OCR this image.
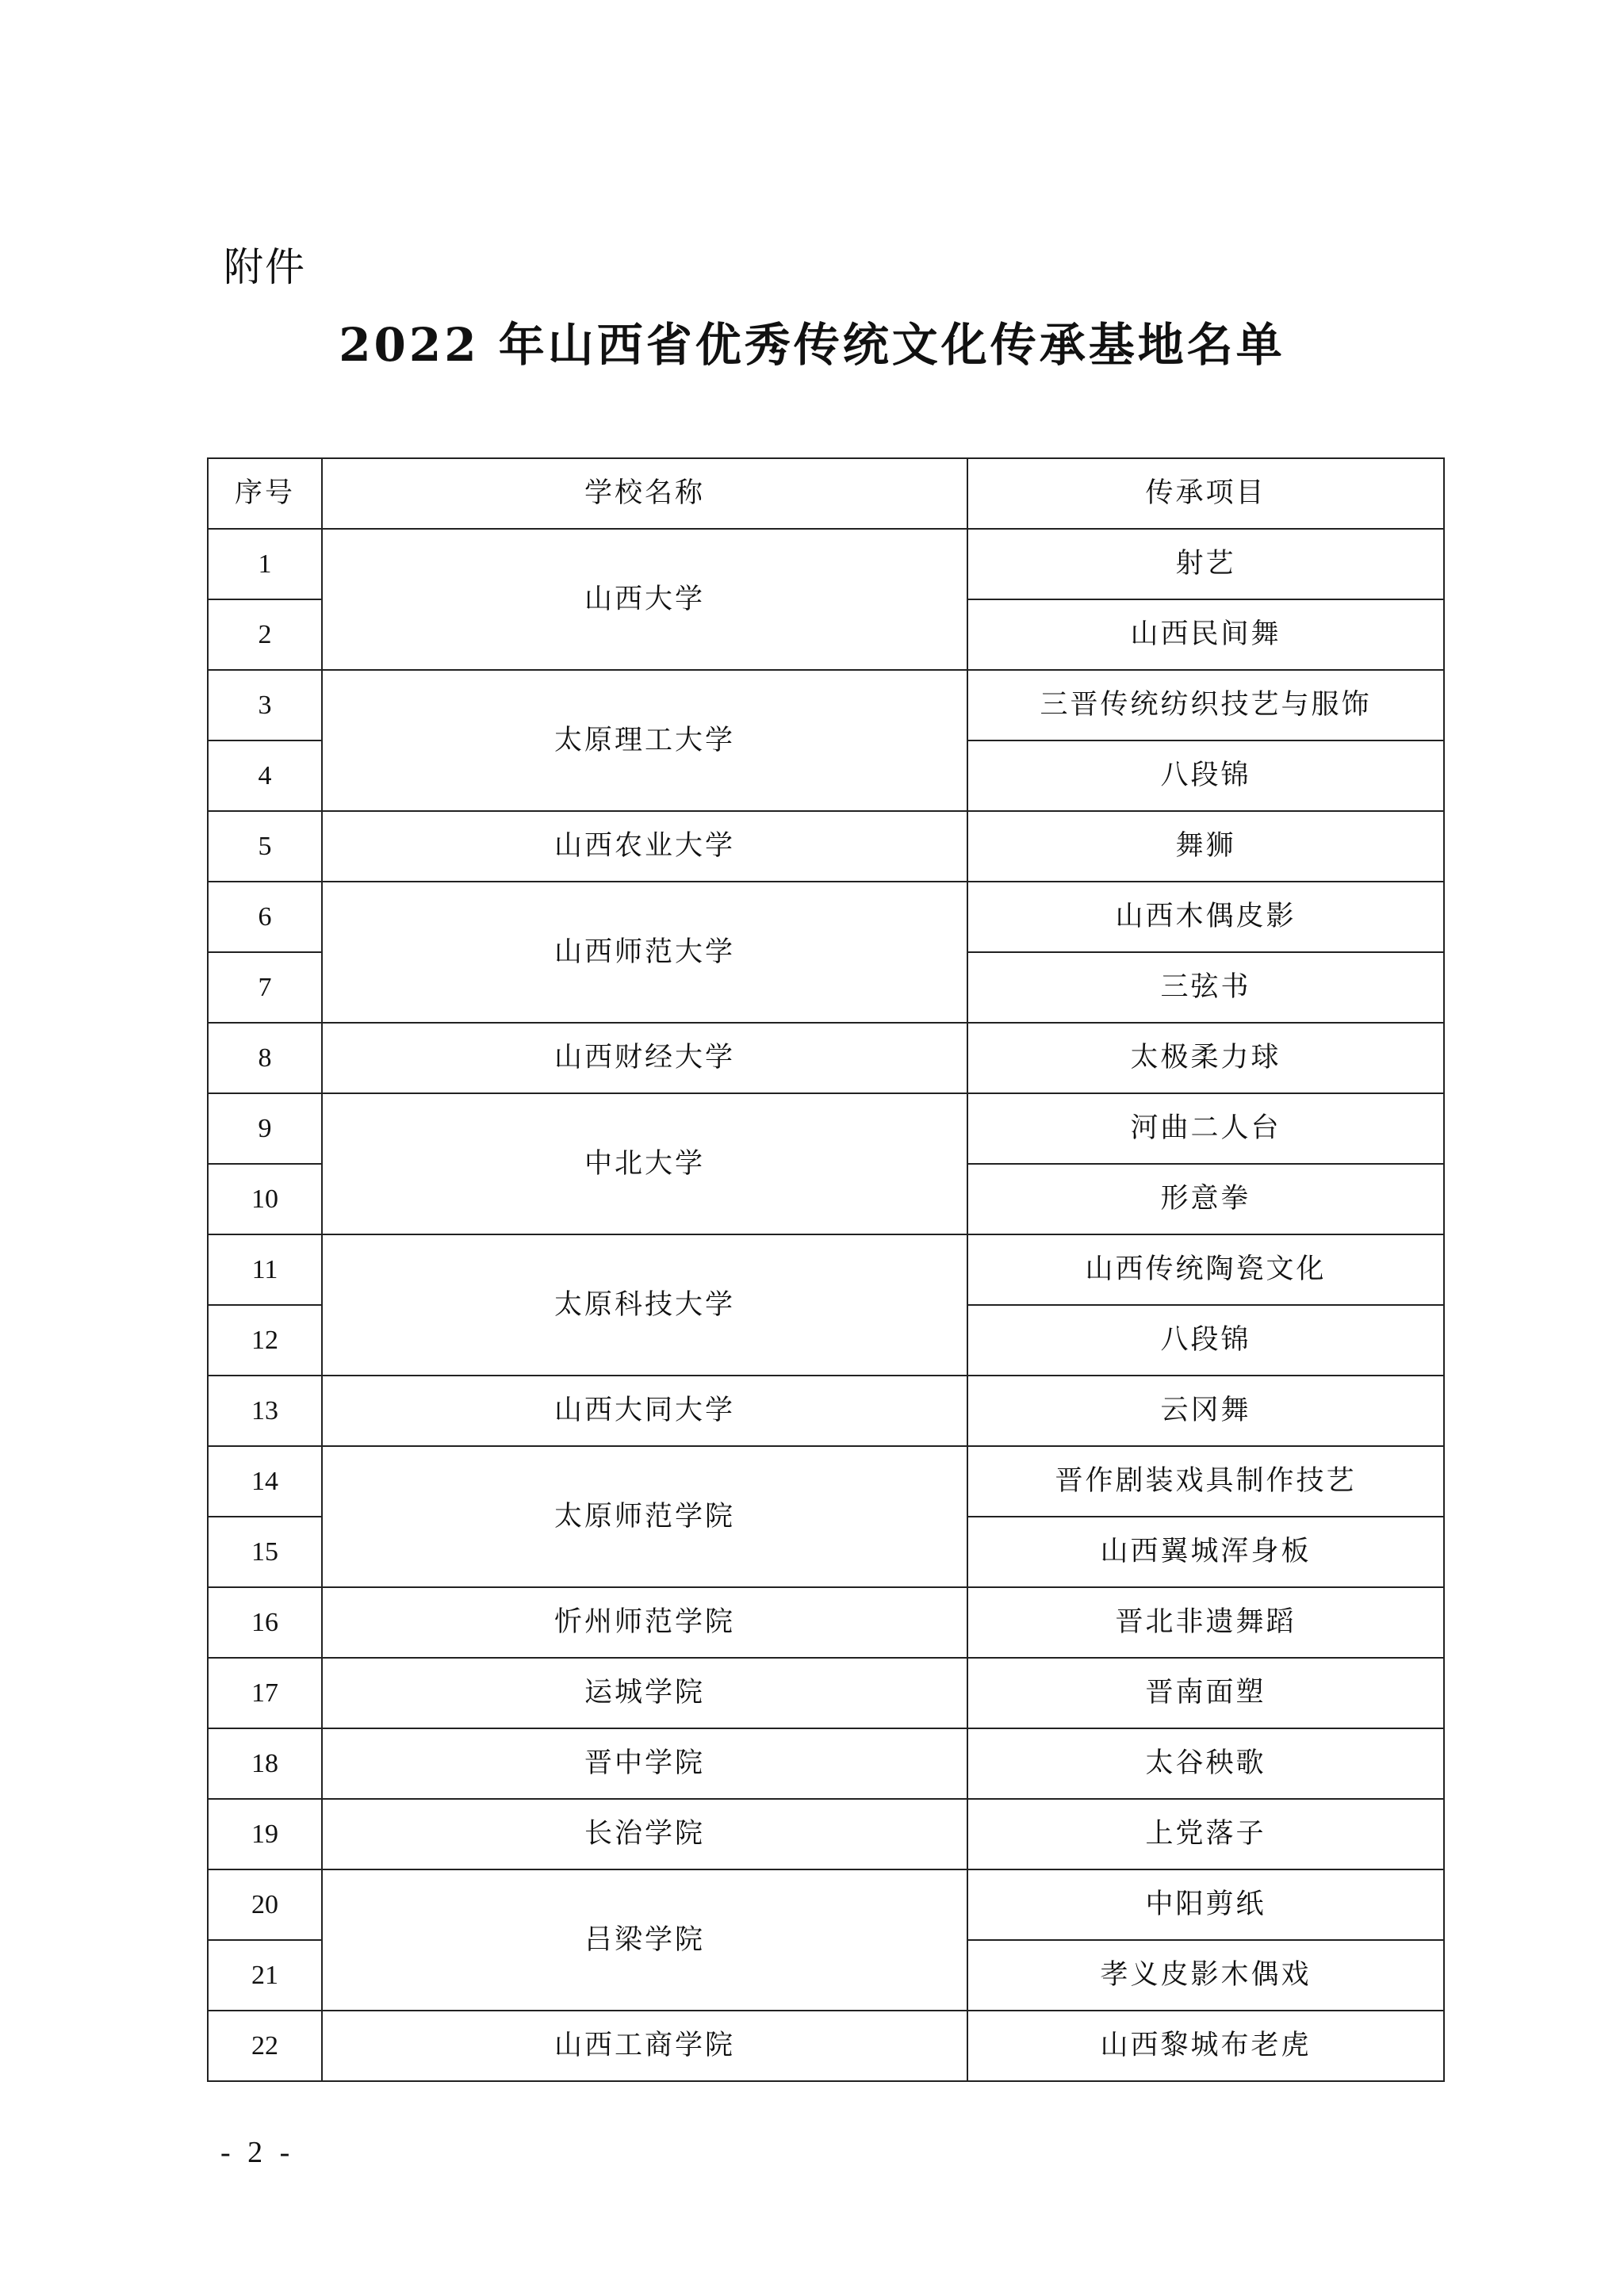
附件
2022 年山西省优秀传统文化传承基地名单
序号	学校名称	传承项目
1	山西大学	射艺
2		山西民间舞
3	太原理工大学	三晋传统纺织技艺与服饰
4		八段锦
5	山西农业大学	舞狮
6	山西师范大学	山西木偶皮影
7		三弦书
8	山西财经大学	太极柔力球
9	中北大学	河曲二人台
10		形意拳
11	太原科技大学	山西传统陶瓷文化
12		八段锦
13	山西大同大学	云冈舞
14	太原师范学院	晋作剧装戏具制作技艺
15		山西翼城浑身板
16	忻州师范学院	晋北非遗舞蹈
17	运城学院	晋南面塑
18	晋中学院	太谷秧歌
19	长治学院	上党落子
20	吕梁学院	中阳剪纸
21		孝义皮影木偶戏
22	山西工商学院	山西黎城布老虎
- 2 -
